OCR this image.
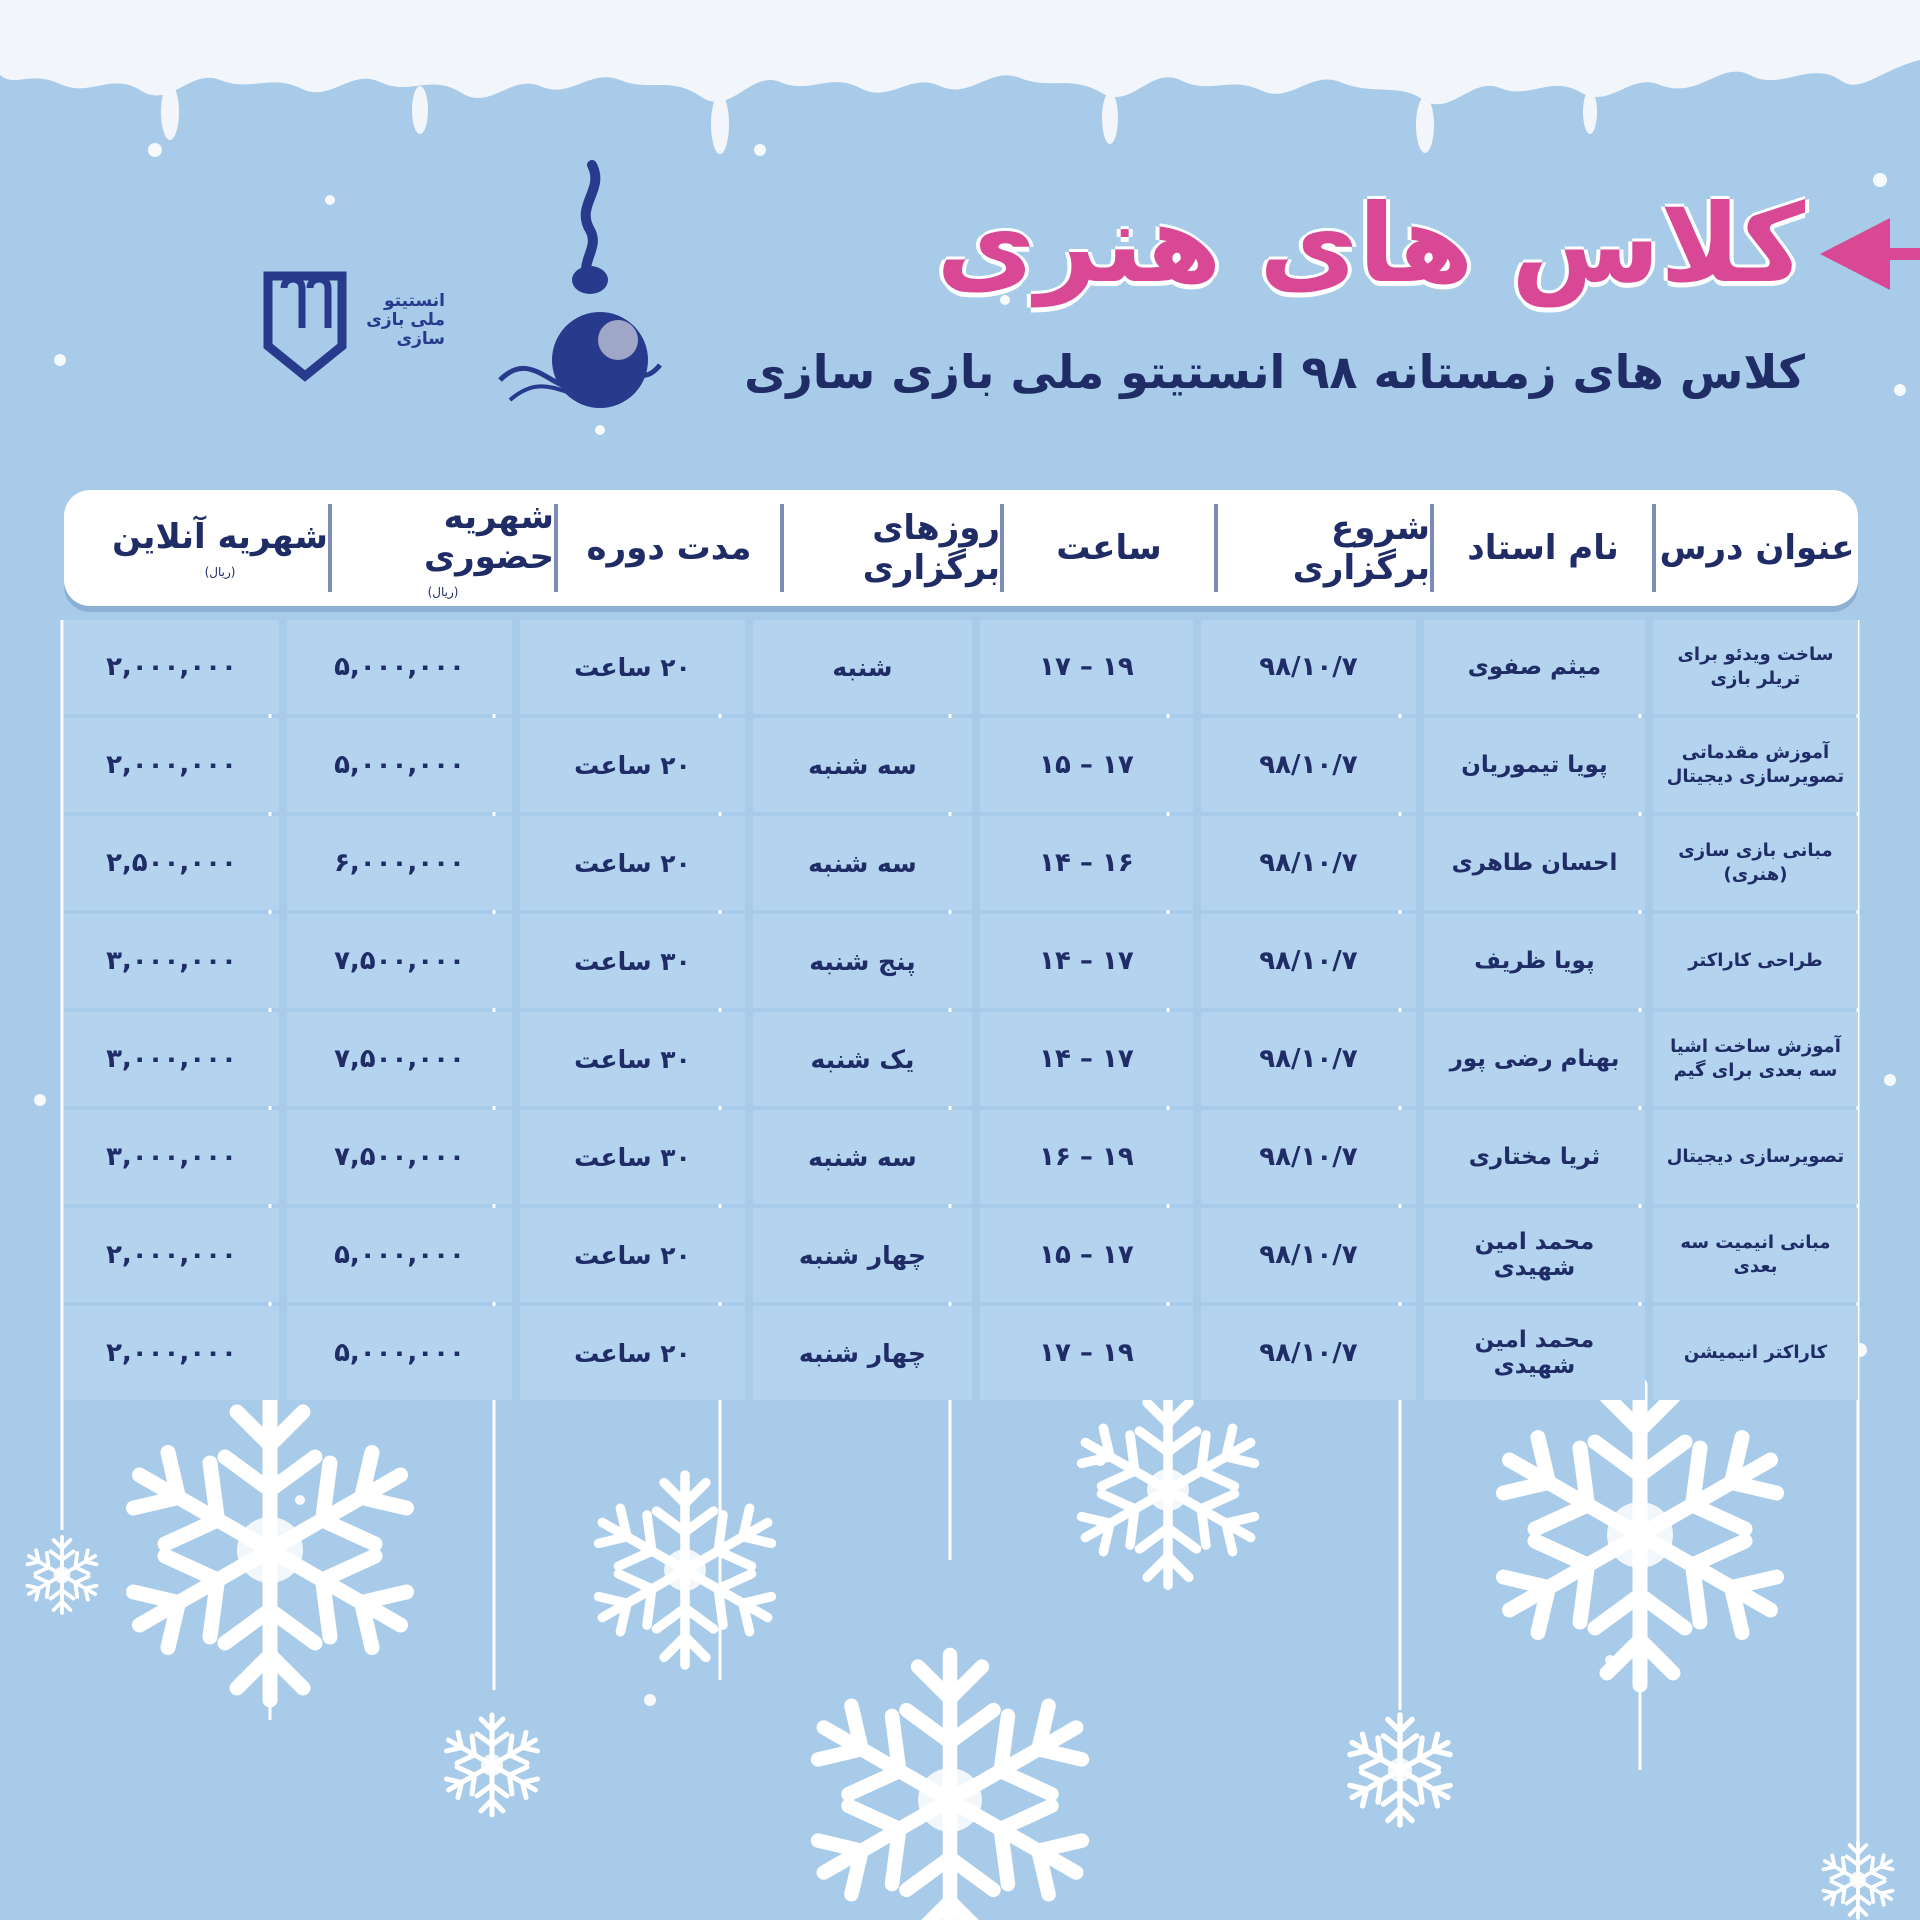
کلاس های هنری
کلاس های زمستانه ۹۸ انستیتو ملی بازی سازی
انستیتو ملی بازی سازی
عنوان درس
نام استاد
شروع برگزاری
ساعت
روزهای برگزاری
مدت دوره
شهریه حضوری
(ریال)
شهریه آنلاین
(ریال)
ساخت ویدئو برای تریلر بازی
میثم صفوی
۹۸/۱۰/۷
۱۷ – ۱۹
شنبه
۲۰ ساعت
۵,۰۰۰,۰۰۰
۲,۰۰۰,۰۰۰
آموزش مقدماتی تصویرسازی دیجیتال
پویا تیموریان
۹۸/۱۰/۷
۱۵ – ۱۷
سه شنبه
۲۰ ساعت
۵,۰۰۰,۰۰۰
۲,۰۰۰,۰۰۰
مبانی بازی سازی (هنری)
احسان طاهری
۹۸/۱۰/۷
۱۴ – ۱۶
سه شنبه
۲۰ ساعت
۶,۰۰۰,۰۰۰
۲,۵۰۰,۰۰۰
طراحی کاراکتر
پویا ظریف
۹۸/۱۰/۷
۱۴ – ۱۷
پنج شنبه
۳۰ ساعت
۷,۵۰۰,۰۰۰
۳,۰۰۰,۰۰۰
آموزش ساخت اشیا سه بعدی برای گیم
بهنام رضی پور
۹۸/۱۰/۷
۱۴ – ۱۷
یک شنبه
۳۰ ساعت
۷,۵۰۰,۰۰۰
۳,۰۰۰,۰۰۰
تصویرسازی دیجیتال
ثریا مختاری
۹۸/۱۰/۷
۱۶ – ۱۹
سه شنبه
۳۰ ساعت
۷,۵۰۰,۰۰۰
۳,۰۰۰,۰۰۰
مبانی انیمیت سه بعدی
محمد امین شهیدی
۹۸/۱۰/۷
۱۵ – ۱۷
چهار شنبه
۲۰ ساعت
۵,۰۰۰,۰۰۰
۲,۰۰۰,۰۰۰
کاراکتر انیمیشن
محمد امین شهیدی
۹۸/۱۰/۷
۱۷ – ۱۹
چهار شنبه
۲۰ ساعت
۵,۰۰۰,۰۰۰
۲,۰۰۰,۰۰۰
